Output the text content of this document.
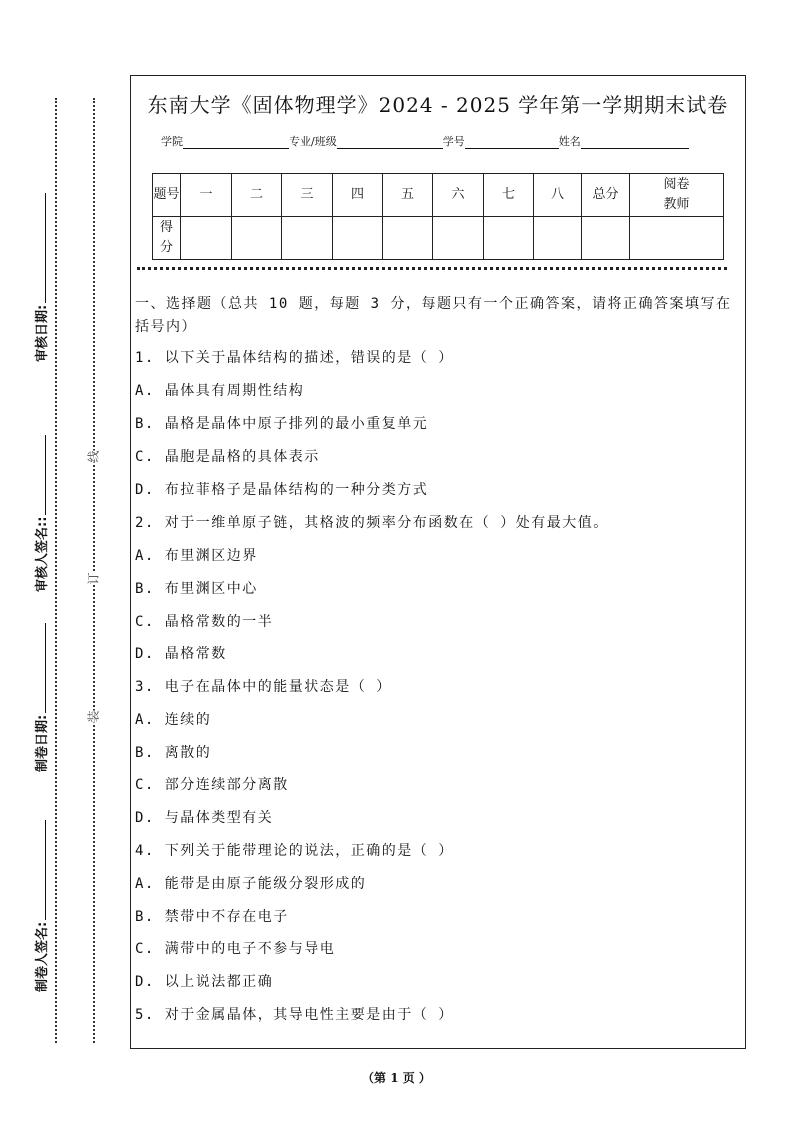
审核日期:
审核人签名::
制卷日期:
制卷人签名:
线
订
装
东南大学《固体物理学》2024 - 2025 学年第一学期期末试卷
学院	专业/班级	学号	姓名
题号	一	二	三	四	五	六	七	八	总分	阅卷教师
得分										
一、选择题（总共 10 题，每题 3 分，每题只有一个正确答案，请将正确答案填写在
括号内）
1. 以下关于晶体结构的描述，错误的是（ ）
A. 晶体具有周期性结构
B. 晶格是晶体中原子排列的最小重复单元
C. 晶胞是晶格的具体表示
D. 布拉菲格子是晶体结构的一种分类方式
2. 对于一维单原子链，其格波的频率分布函数在（ ）处有最大值。
A. 布里渊区边界
B. 布里渊区中心
C. 晶格常数的一半
D. 晶格常数
3. 电子在晶体中的能量状态是（ ）
A. 连续的
B. 离散的
C. 部分连续部分离散
D. 与晶体类型有关
4. 下列关于能带理论的说法，正确的是（ ）
A. 能带是由原子能级分裂形成的
B. 禁带中不存在电子
C. 满带中的电子不参与导电
D. 以上说法都正确
5. 对于金属晶体，其导电性主要是由于（ ）
（第 1 页 ）
